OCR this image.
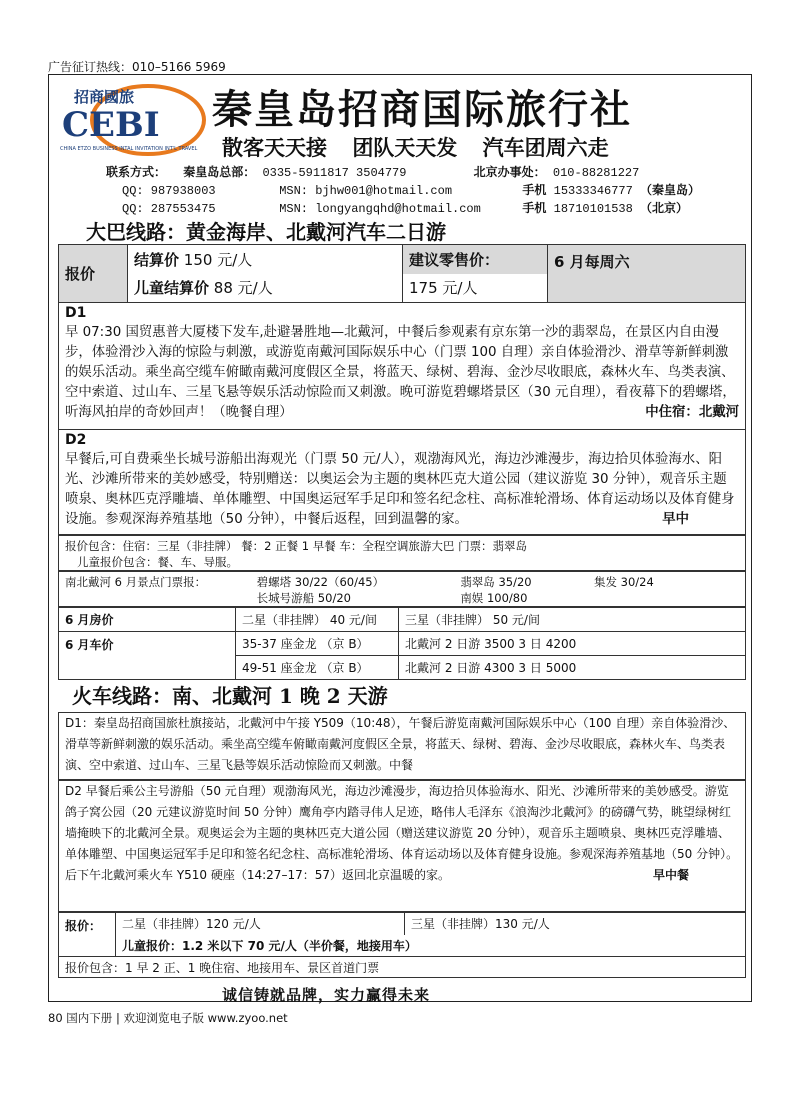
广告征订热线：010–5166 5969
招商國旅
CEBI
CHINA ETZO BUSINESS INTAL INVITATION INT'L TRAVEL
秦皇岛招商国际旅行社
散客天天接 团队天天发 汽车团周六走
联系方式： 秦皇岛总部： 0335-5911817 3504779	北京办事处： 010-88281227
QQ: 987938003	MSN: bjhw001@hotmail.com	手机 15333346777 （秦皇岛）
QQ: 287553475	MSN: longyangqhd@hotmail.com	手机 18710101538 （北京）
大巴线路：黄金海岸、北戴河汽车二日游
报价	结算价 150 元/人	建议零售价：	6 月每周六
	儿童结算价 88 元/人	175 元/人	
D1
早 07:30 国贸惠普大厦楼下发车,赴避暑胜地—北戴河，中餐后参观素有京东第一沙的翡翠岛，在景区内自由漫步，体验滑沙入海的惊险与刺激，或游览南戴河国际娱乐中心（门票 100 自理）亲自体验滑沙、滑草等新鲜刺激的娱乐活动。乘坐高空缆车俯瞰南戴河度假区全景，将蓝天、绿树、碧海、金沙尽收眼底，森林火车、鸟类表演、空中索道、过山车、三星飞悬等娱乐活动惊险而又刺激。晚可游览碧螺塔景区（30 元自理），看夜幕下的碧螺塔，听海风拍岸的奇妙回声！（晚餐自理）	中住宿：北戴河
D2
早餐后,可自费乘坐长城号游船出海观光（门票 50 元/人），观渤海风光，海边沙滩漫步，海边拾贝体验海水、阳光、沙滩所带来的美妙感受，特别赠送：以奥运会为主题的奥林匹克大道公园（建议游览 30 分钟），观音乐主题喷泉、奥林匹克浮雕墙、单体雕塑、中国奥运冠军手足印和签名纪念柱、高标准轮滑场、体育运动场以及体育健身设施。参观深海养殖基地（50 分钟），中餐后返程，回到温馨的家。	早中
报价包含：住宿：三星（非挂牌） 餐：2 正餐 1 早餐 车：全程空调旅游大巴 门票：翡翠岛
儿童报价包含：餐、车、导服。
南北戴河 6 月景点门票报：	碧螺塔 30/22（60/45）	翡翠岛 35/20	集发 30/24
长城号游船 50/20	南娱 100/80
6 月房价	二星（非挂牌） 40 元/间	三星（非挂牌） 50 元/间
6 月车价	35-37 座金龙 （京 B）	北戴河 2 日游 3500 3 日 4200
	49-51 座金龙 （京 B）	北戴河 2 日游 4300 3 日 5000
火车线路：南、北戴河 1 晚 2 天游
D1：秦皇岛招商国旅杜旗接站，北戴河中午接 Y509（10:48），午餐后游览南戴河国际娱乐中心（100 自理）亲自体验滑沙、滑草等新鲜刺激的娱乐活动。乘坐高空缆车俯瞰南戴河度假区全景，将蓝天、绿树、碧海、金沙尽收眼底，森林火车、鸟类表演、空中索道、过山车、三星飞悬等娱乐活动惊险而又刺激。中餐
D2 早餐后乘公主号游船（50 元自理）观渤海风光，海边沙滩漫步，海边拾贝体验海水、阳光、沙滩所带来的美妙感受。游览鸽子窝公园（20 元建议游览时间 50 分钟）鹰角亭内踏寻伟人足迹，略伟人毛泽东《浪淘沙北戴河》的磅礴气势，眺望绿树红墙掩映下的北戴河全景。观奥运会为主题的奥林匹克大道公园（赠送建议游览 20 分钟），观音乐主题喷泉、奥林匹克浮雕墙、单体雕塑、中国奥运冠军手足印和签名纪念柱、高标准轮滑场、体育运动场以及体育健身设施。参观深海养殖基地（50 分钟）。后下午北戴河乘火车 Y510 硬座（14:27–17：57）返回北京温暖的家。	早中餐
报价：	二星（非挂牌）120 元/人	三星（非挂牌）130 元/人
儿童报价：1.2 米以下 70 元/人（半价餐，地接用车）
报价包含：1 早 2 正、1 晚住宿、地接用车、景区首道门票
诚信铸就品牌，实力赢得未来
80 国内下册 | 欢迎浏览电子版 www.zyoo.net
